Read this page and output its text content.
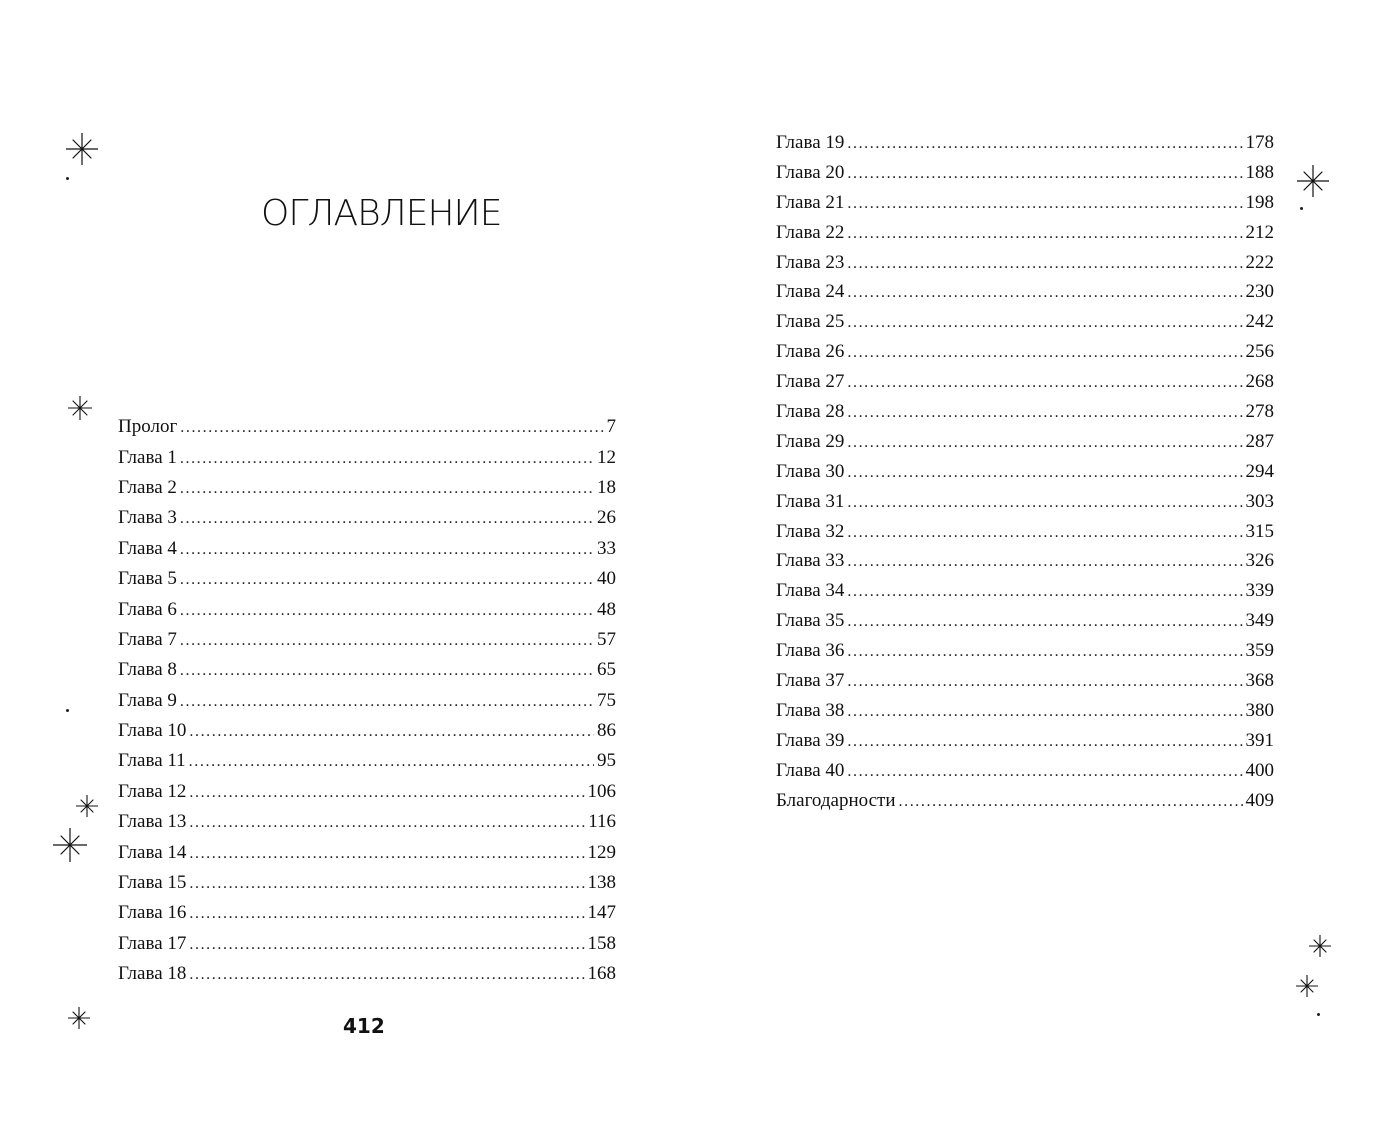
ОГЛАВЛЕНИЕ
Пролог .....	7
Глава 1 .....	12
Глава 2 .....	18
Глава 3 .....	26
Глава 4 .....	33
Глава 5 .....	40
Глава 6 .....	48
Глава 7 .....	57
Глава 8 .....	65
Глава 9 .....	75
Глава 10 .....	86
Глава 11 .....	95
Глава 12 .....	106
Глава 13 .....	116
Глава 14 .....	129
Глава 15 .....	138
Глава 16 .....	147
Глава 17 .....	158
Глава 18 .....	168
Глава 19 .....	178
Глава 20 .....	188
Глава 21 .....	198
Глава 22 .....	212
Глава 23 .....	222
Глава 24 .....	230
Глава 25 .....	242
Глава 26 .....	256
Глава 27 .....	268
Глава 28 .....	278
Глава 29 .....	287
Глава 30 .....	294
Глава 31 .....	303
Глава 32 .....	315
Глава 33 .....	326
Глава 34 .....	339
Глава 35 .....	349
Глава 36 .....	359
Глава 37 .....	368
Глава 38 .....	380
Глава 39 .....	391
Глава 40 .....	400
Благодарности .....	409
412
